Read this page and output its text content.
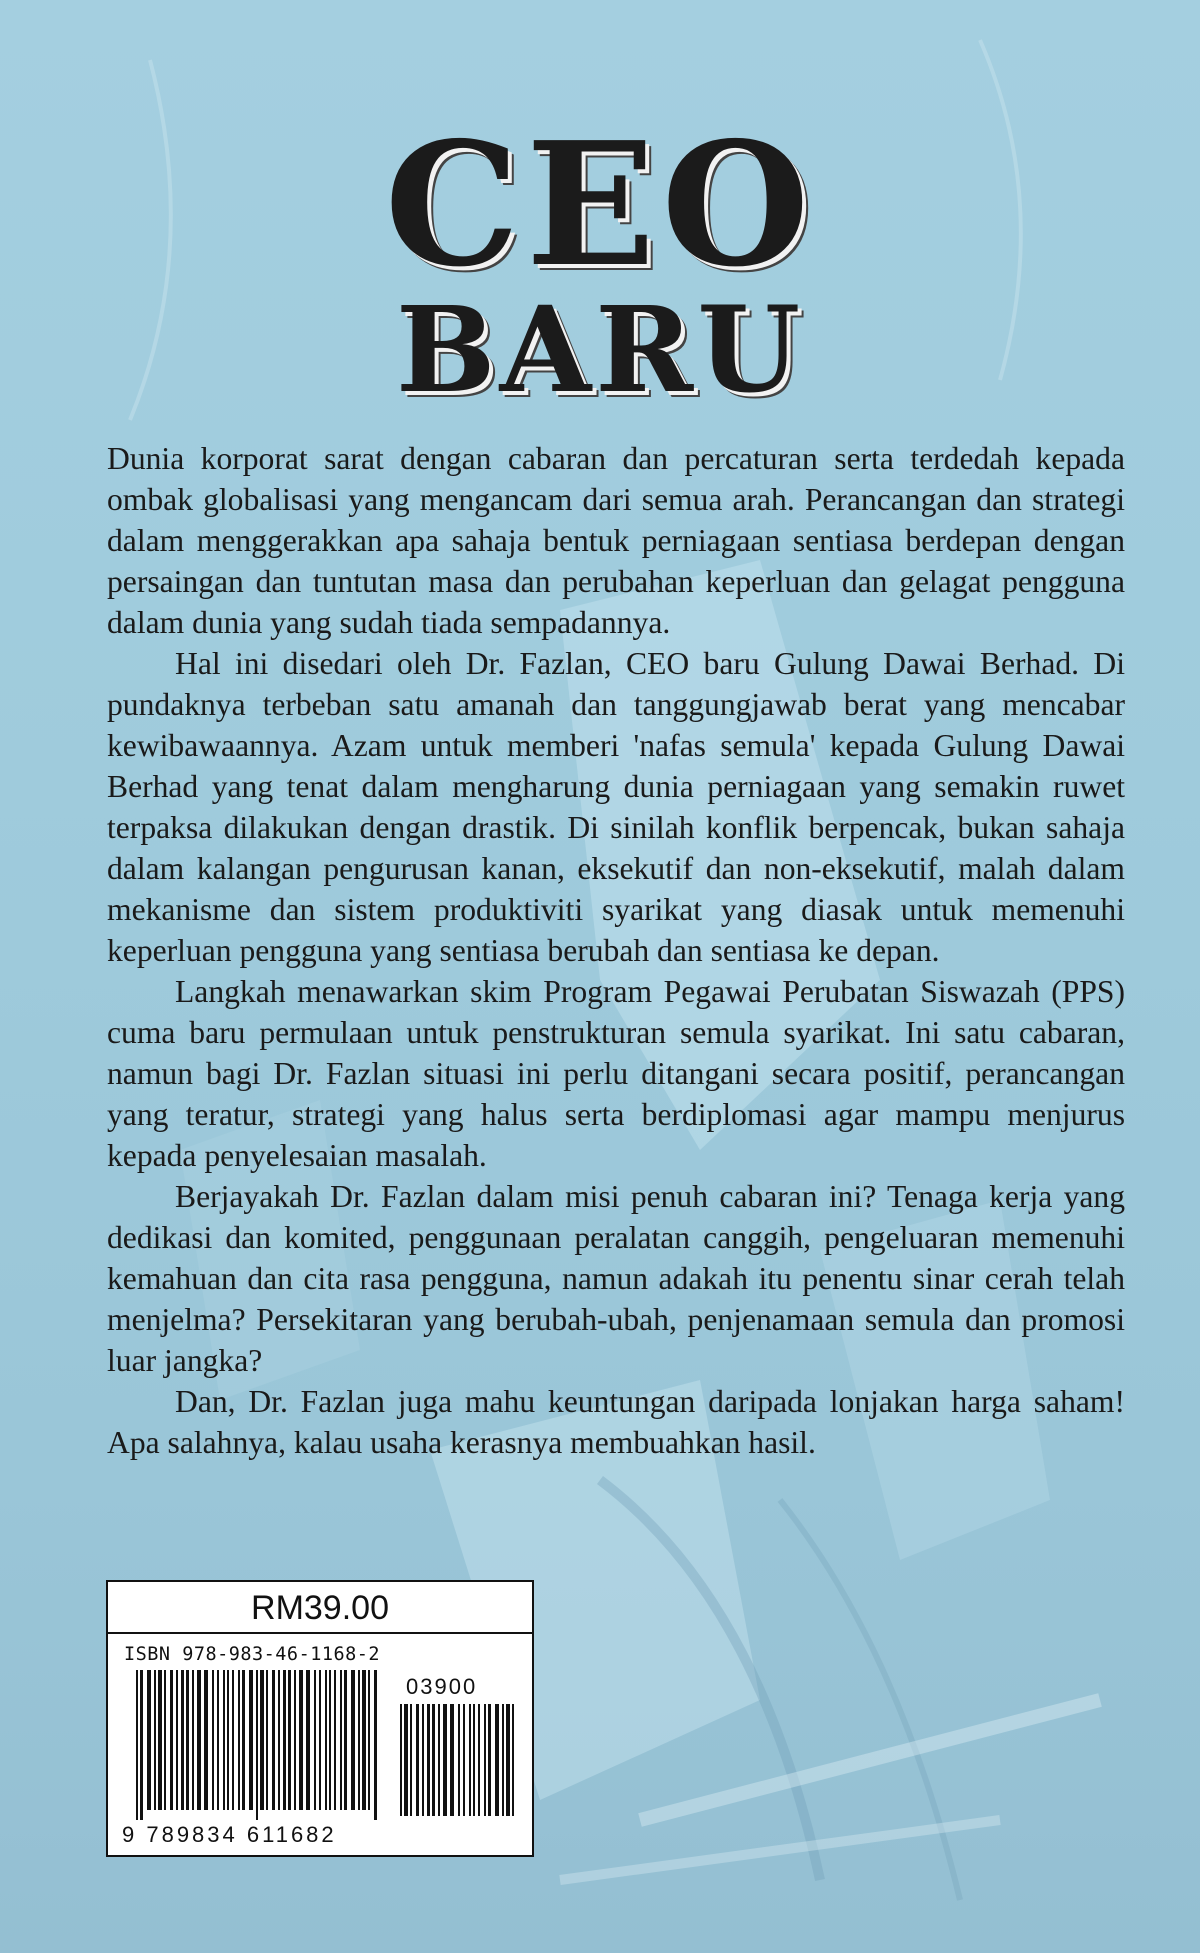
CEO
BARU

Dunia korporat sarat dengan cabaran dan percaturan serta terdedah kepada ombak globalisasi yang mengancam dari semua arah. Perancangan dan strategi dalam menggerakkan apa sahaja bentuk perniagaan sentiasa berdepan dengan persaingan dan tuntutan masa dan perubahan keperluan dan gelagat pengguna dalam dunia yang sudah tiada sempadannya.

Hal ini disedari oleh Dr. Fazlan, CEO baru Gulung Dawai Berhad. Di pundaknya terbeban satu amanah dan tanggungjawab berat yang mencabar kewibawaannya. Azam untuk memberi 'nafas semula' kepada Gulung Dawai Berhad yang tenat dalam mengharung dunia perniagaan yang semakin ruwet terpaksa dilakukan dengan drastik. Di sinilah konflik berpencak, bukan sahaja dalam kalangan pengurusan kanan, eksekutif dan non-eksekutif, malah dalam mekanisme dan sistem produktiviti syarikat yang diasak untuk memenuhi keperluan pengguna yang sentiasa berubah dan sentiasa ke depan.

Langkah menawarkan skim Program Pegawai Perubatan Siswazah (PPS) cuma baru permulaan untuk penstrukturan semula syarikat. Ini satu cabaran, namun bagi Dr. Fazlan situasi ini perlu ditangani secara positif, perancangan yang teratur, strategi yang halus serta berdiplomasi agar mampu menjurus kepada penyelesaian masalah.

Berjayakah Dr. Fazlan dalam misi penuh cabaran ini? Tenaga kerja yang dedikasi dan komited, penggunaan peralatan canggih, pengeluaran memenuhi kemahuan dan cita rasa pengguna, namun adakah itu penentu sinar cerah telah menjelma? Persekitaran yang berubah-ubah, penjenamaan semula dan promosi luar jangka?

Dan, Dr. Fazlan juga mahu keuntungan daripada lonjakan harga saham! Apa salahnya, kalau usaha kerasnya membuahkan hasil.

RM39.00
ISBN 978-983-46-1168-2
03900
9 789834 611682
